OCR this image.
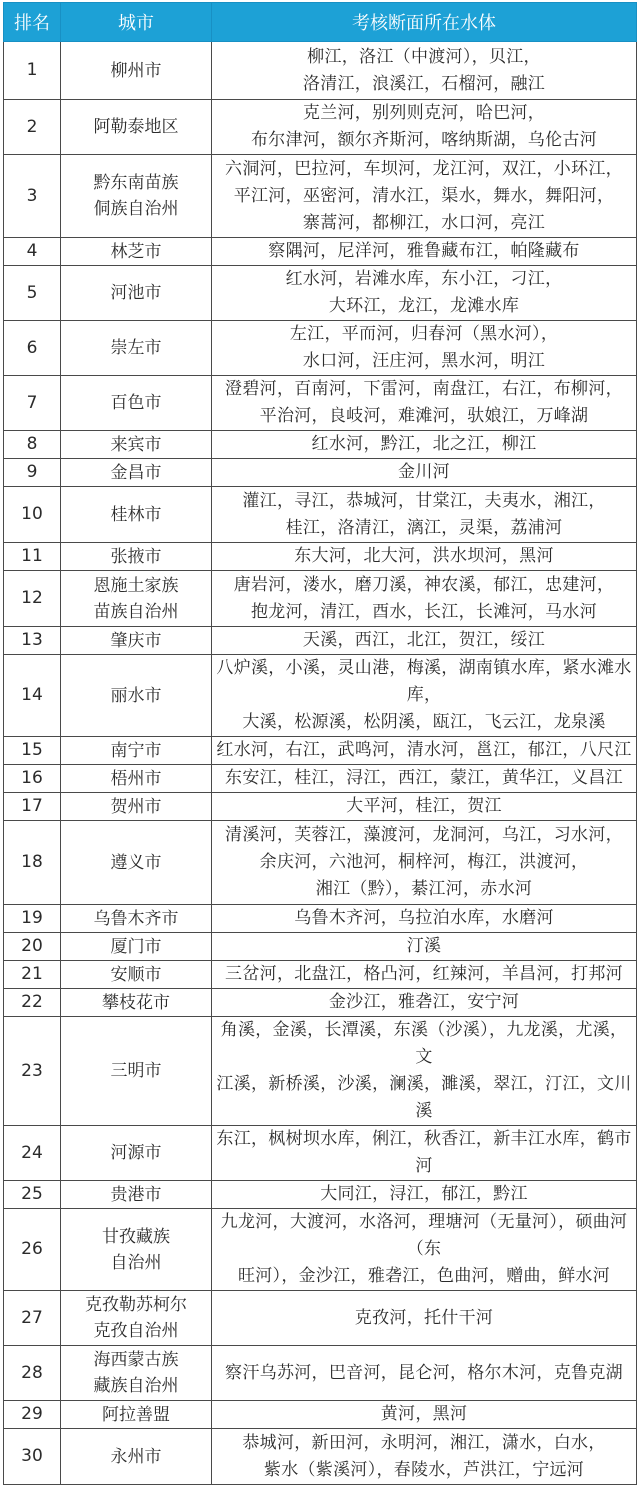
排名	城市	考核断面所在水体
1	柳州市	柳江，洛江（中渡河），贝江，
洛清江，浪溪江，石榴河，融江
2	阿勒泰地区	克兰河，别列则克河，哈巴河，
布尔津河，额尔齐斯河，喀纳斯湖，乌伦古河
3	黔东南苗族
侗族自治州	六洞河，巴拉河，车坝河，龙江河，双江，小环江，
平江河，巫密河，清水江，渠水，舞水，舞阳河，
寨蒿河，都柳江，水口河，亮江
4	林芝市	察隅河，尼洋河，雅鲁藏布江，帕隆藏布
5	河池市	红水河，岩滩水库，东小江，刁江，
大环江，龙江，龙滩水库
6	崇左市	左江，平而河，归春河（黑水河），
水口河，汪庄河，黑水河，明江
7	百色市	澄碧河，百南河，下雷河，南盘江，右江，布柳河，
平治河，良岐河，难滩河，驮娘江，万峰湖
8	来宾市	红水河，黔江，北之江，柳江
9	金昌市	金川河
10	桂林市	灌江，寻江，恭城河，甘棠江，夫夷水，湘江，
桂江，洛清江，漓江，灵渠，荔浦河
11	张掖市	东大河，北大河，洪水坝河，黑河
12	恩施土家族
苗族自治州	唐岩河，溇水，磨刀溪，神农溪，郁江，忠建河，
抱龙河，清江，酉水，长江，长滩河，马水河
13	肇庆市	天溪，西江，北江，贺江，绥江
14	丽水市	八炉溪，小溪，灵山港，梅溪，湖南镇水库，紧水滩水库，
大溪，松源溪，松阴溪，瓯江，飞云江，龙泉溪
15	南宁市	红水河，右江，武鸣河，清水河，邕江，郁江，八尺江
16	梧州市	东安江，桂江，浔江，西江，蒙江，黄华江，义昌江
17	贺州市	大平河，桂江，贺江
18	遵义市	清溪河，芙蓉江，藻渡河，龙洞河，乌江，习水河，
余庆河，六池河，桐梓河，梅江，洪渡河，
湘江（黔），綦江河，赤水河
19	乌鲁木齐市	乌鲁木齐河，乌拉泊水库，水磨河
20	厦门市	汀溪
21	安顺市	三岔河，北盘江，格凸河，红辣河，羊昌河，打邦河
22	攀枝花市	金沙江，雅砻江，安宁河
23	三明市	角溪，金溪，长潭溪，东溪（沙溪），九龙溪，尤溪，文
江溪，新桥溪，沙溪，澜溪，濉溪，翠江，汀江，文川溪
24	河源市	东江，枫树坝水库，俐江，秋香江，新丰江水库，鹤市河
25	贵港市	大同江，浔江，郁江，黔江
26	甘孜藏族
自治州	九龙河，大渡河，水洛河，理塘河（无量河），硕曲河（东
旺河），金沙江，雅砻江，色曲河，赠曲，鲜水河
27	克孜勒苏柯尔
克孜自治州	克孜河，托什干河
28	海西蒙古族
藏族自治州	察汗乌苏河，巴音河，昆仑河，格尔木河，克鲁克湖
29	阿拉善盟	黄河，黑河
30	永州市	恭城河，新田河，永明河，湘江，潇水，白水，
紫水（紫溪河），春陵水，芦洪江，宁远河
